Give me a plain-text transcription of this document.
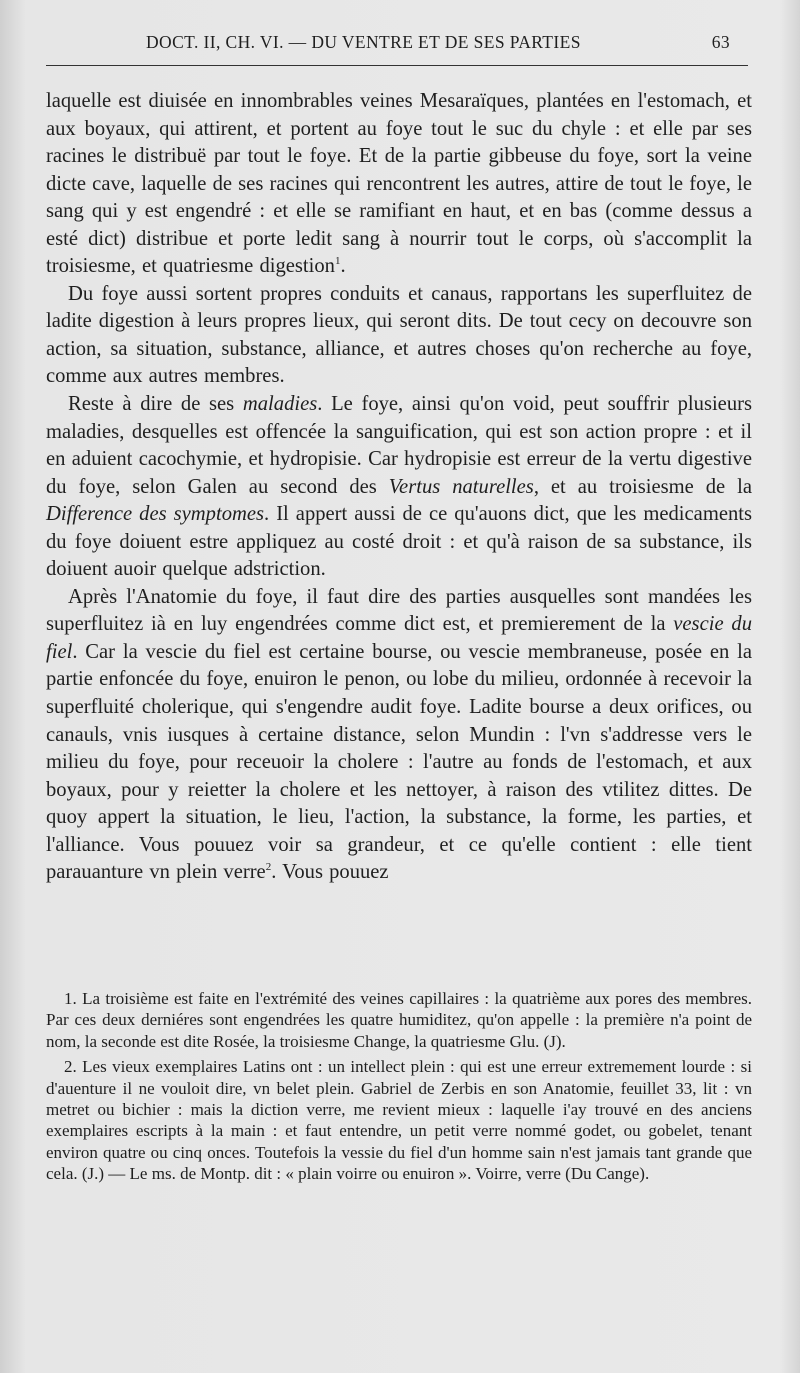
DOCT. II, CH. VI. — DU VENTRE ET DE SES PARTIES	63

laquelle est diuisée en innombrables veines Mesaraïques, plantées en l'estomach, et aux boyaux, qui attirent, et portent au foye tout le suc du chyle : et elle par ses racines le distribuë par tout le foye. Et de la partie gibbeuse du foye, sort la veine dicte cave, laquelle de ses racines qui rencontrent les autres, attire de tout le foye, le sang qui y est engendré : et elle se ramifiant en haut, et en bas (comme dessus a esté dict) distribue et porte ledit sang à nourrir tout le corps, où s'accomplit la troisiesme, et quatriesme digestion$^1$.

Du foye aussi sortent propres conduits et canaus, rapportans les superfluitez de ladite digestion à leurs propres lieux, qui seront dits. De tout cecy on decouvre son action, sa situation, substance, alliance, et autres choses qu'on recherche au foye, comme aux autres membres.

Reste à dire de ses maladies. Le foye, ainsi qu'on void, peut souffrir plusieurs maladies, desquelles est offencée la sanguification, qui est son action propre : et il en aduient cacochymie, et hydropisie. Car hydropisie est erreur de la vertu digestive du foye, selon Galen au second des Vertus naturelles, et au troisiesme de la Difference des symptomes. Il appert aussi de ce qu'auons dict, que les medicaments du foye doiuent estre appliquez au costé droit : et qu'à raison de sa substance, ils doiuent auoir quelque adstriction.

Après l'Anatomie du foye, il faut dire des parties ausquelles sont mandées les superfluitez ià en luy engendrées comme dict est, et premierement de la vescie du fiel. Car la vescie du fiel est certaine bourse, ou vescie membraneuse, posée en la partie enfoncée du foye, enuiron le penon, ou lobe du milieu, ordonnée à recevoir la superfluité cholerique, qui s'engendre audit foye. Ladite bourse a deux orifices, ou canauls, vnis iusques à certaine distance, selon Mundin : l'vn s'addresse vers le milieu du foye, pour receuoir la cholere : l'autre au fonds de l'estomach, et aux boyaux, pour y reietter la cholere et les nettoyer, à raison des vtilitez dittes. De quoy appert la situation, le lieu, l'action, la substance, la forme, les parties, et l'alliance. Vous pouuez voir sa grandeur, et ce qu'elle contient : elle tient parauanture vn plein verre$^2$. Vous pouuez

1. La troisième est faite en l'extrémité des veines capillaires : la quatrième aux pores des membres. Par ces deux derniéres sont engendrées les quatre humiditez, qu'on appelle : la première n'a point de nom, la seconde est dite Rosée, la troisiesme Change, la quatriesme Glu. (J).

2. Les vieux exemplaires Latins ont : un intellect plein : qui est une erreur extremement lourde : si d'auenture il ne vouloit dire, vn belet plein. Gabriel de Zerbis en son Anatomie, feuillet 33, lit : vn metret ou bichier : mais la diction verre, me revient mieux : laquelle i'ay trouvé en des anciens exemplaires escripts à la main : et faut entendre, un petit verre nommé godet, ou gobelet, tenant environ quatre ou cinq onces. Toutefois la vessie du fiel d'un homme sain n'est jamais tant grande que cela. (J.) — Le ms. de Montp. dit : « plain voirre ou enuiron ». Voirre, verre (Du Cange).
